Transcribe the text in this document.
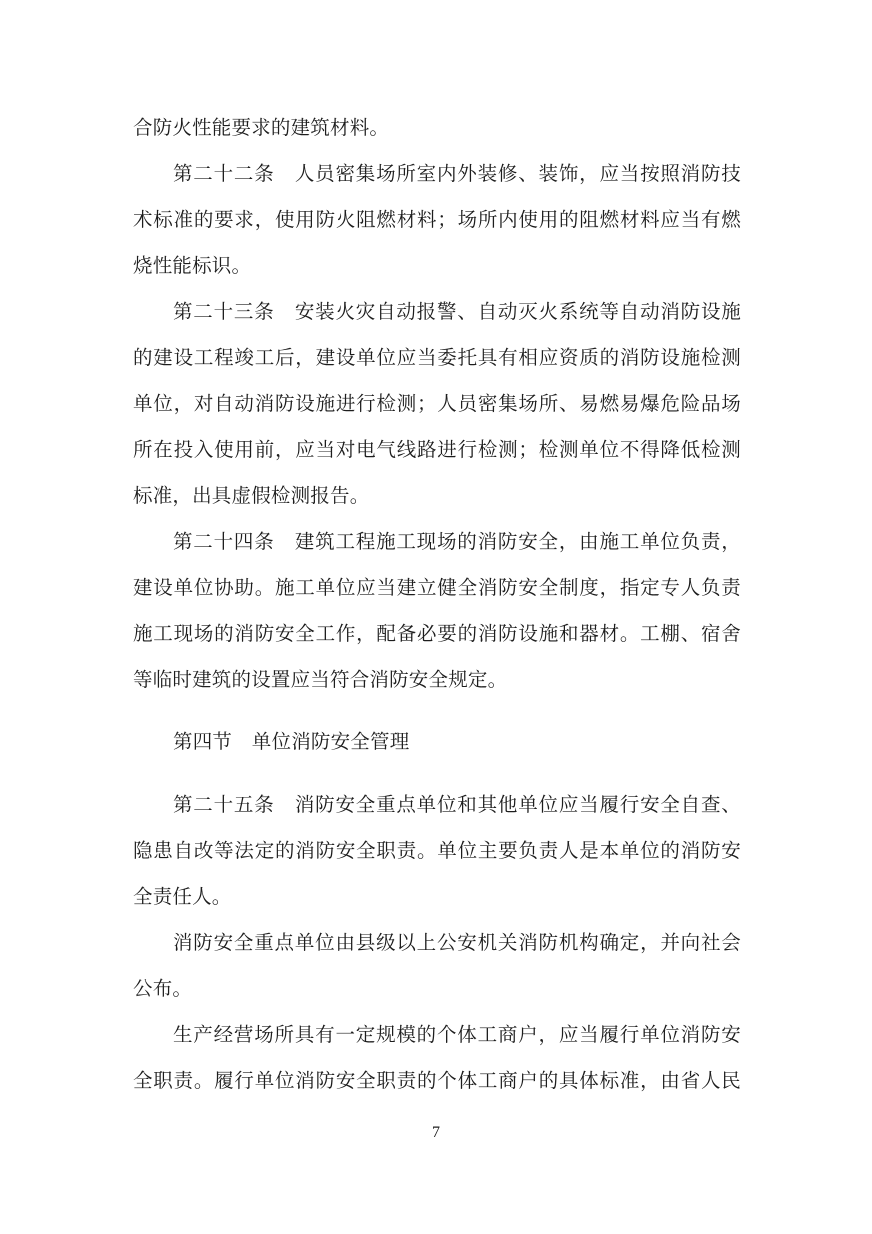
合防火性能要求的建筑材料。
第二十二条　人员密集场所室内外装修、装饰，应当按照消防技
术标准的要求，使用防火阻燃材料；场所内使用的阻燃材料应当有燃
烧性能标识。
第二十三条　安装火灾自动报警、自动灭火系统等自动消防设施
的建设工程竣工后，建设单位应当委托具有相应资质的消防设施检测
单位，对自动消防设施进行检测；人员密集场所、易燃易爆危险品场
所在投入使用前，应当对电气线路进行检测；检测单位不得降低检测
标准，出具虚假检测报告。
第二十四条　建筑工程施工现场的消防安全，由施工单位负责，
建设单位协助。施工单位应当建立健全消防安全制度，指定专人负责
施工现场的消防安全工作，配备必要的消防设施和器材。工棚、宿舍
等临时建筑的设置应当符合消防安全规定。
第四节　单位消防安全管理
第二十五条　消防安全重点单位和其他单位应当履行安全自查、
隐患自改等法定的消防安全职责。单位主要负责人是本单位的消防安
全责任人。
消防安全重点单位由县级以上公安机关消防机构确定，并向社会
公布。
生产经营场所具有一定规模的个体工商户，应当履行单位消防安
全职责。履行单位消防安全职责的个体工商户的具体标准，由省人民
7
